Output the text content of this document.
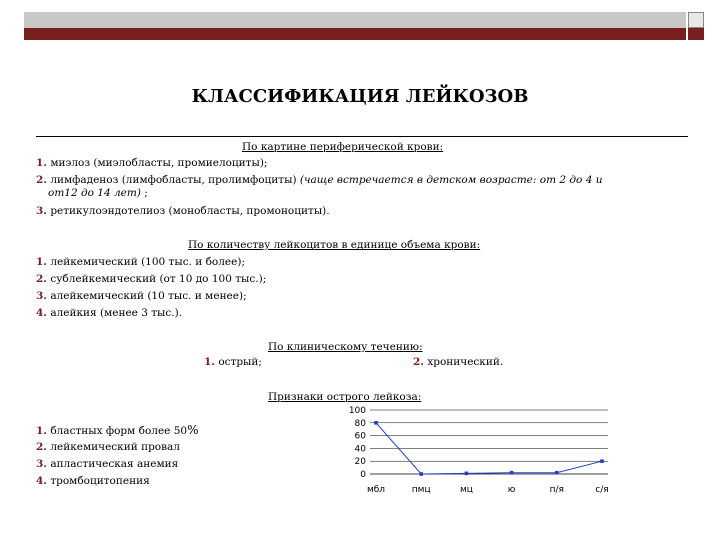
КЛАССИФИКАЦИЯ ЛЕЙКОЗОВ
По картине периферической крови:
1. миэлоз (миэлобласты, промиелоциты);
2. лимфаденоз (лимфобласты, пролимфоциты) (чаще встречается в детском возрасте: от 2 до 4 и
от12 до 14 лет) ;
3. ретикулоэндотелиоз (монобласты, промоноциты).
По количеству лейкоцитов в единице объема крови:
1. лейкемический (100 тыс. и более);
2. сублейкемический (от 10 до 100 тыс.);
3. алейкемический (10 тыс. и менее);
4. алейкия (менее 3 тыс.).
По клиническому течению:
1. острый;	2. хронический.
Признаки острого лейкоза:
1. бластных форм более 50%
2. лейкемический провал
3. апластическая анемия
4. тромбоцитопения	0
20
40
60
80
100
мбл	пмц	мц	ю	п/я	с/я
